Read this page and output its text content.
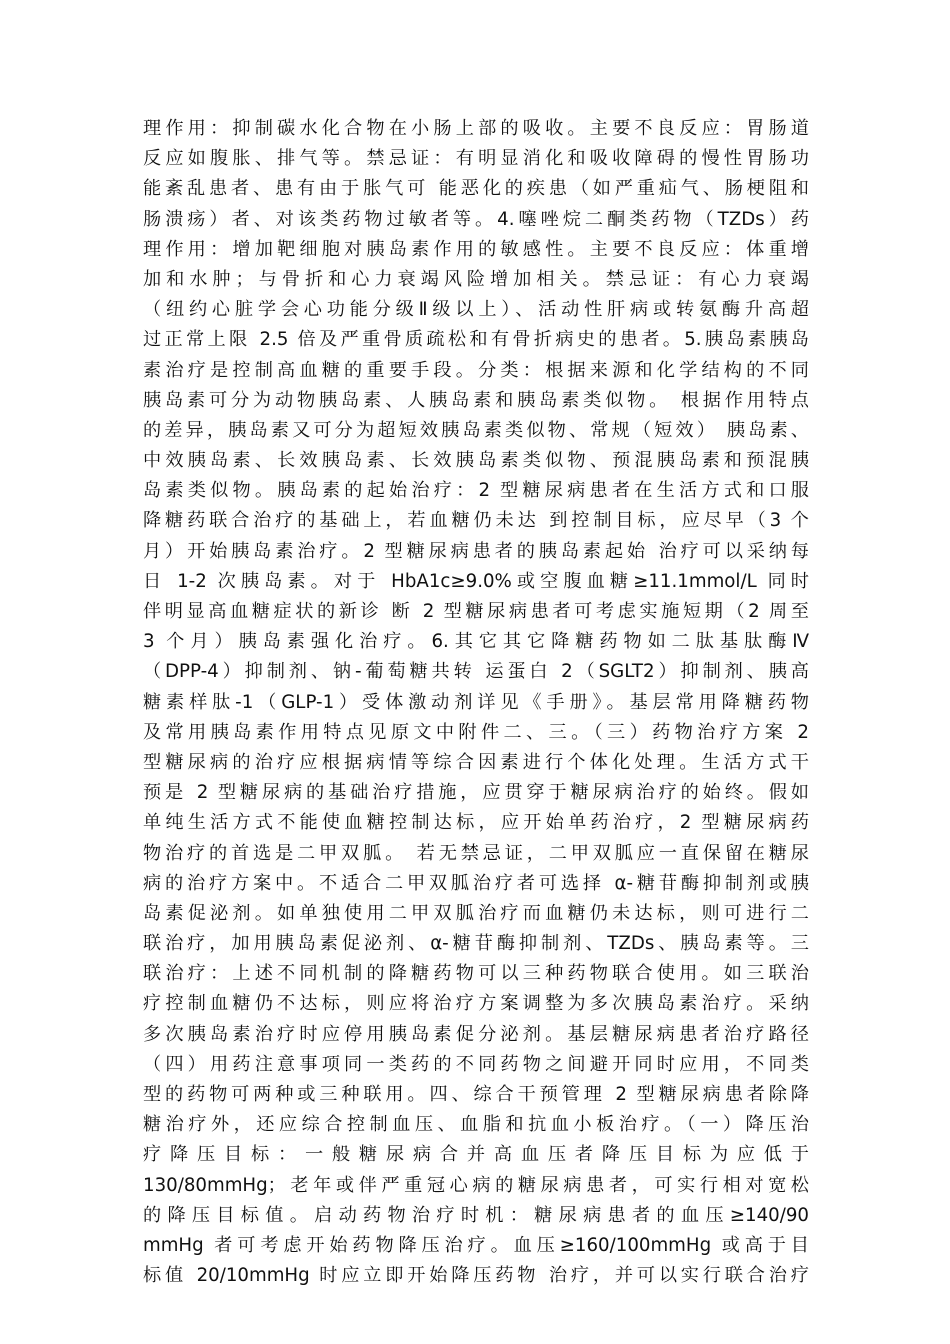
理作用：抑制碳水化合物在小肠上部的吸收。主要不良反应：胃肠道
反应如腹胀、排气等。禁忌证：有明显消化和吸收障碍的慢性胃肠功
能紊乱患者、患有由于胀气可 能恶化的疾患（如严重疝气、肠梗阻和
肠溃疡）者、对该类药物过敏者等。4.噻唑烷二酮类药物（TZDs）药
理作用：增加靶细胞对胰岛素作用的敏感性。主要不良反应：体重增
加和水肿；与骨折和心力衰竭风险增加相关。禁忌证：有心力衰竭
（纽约心脏学会心功能分级Ⅱ级以上）、活动性肝病或转氨酶升高超
过正常上限 2.5 倍及严重骨质疏松和有骨折病史的患者。5.胰岛素胰岛
素治疗是控制高血糖的重要手段。分类：根据来源和化学结构的不同
胰岛素可分为动物胰岛素、人胰岛素和胰岛素类似物。 根据作用特点
的差异，胰岛素又可分为超短效胰岛素类似物、常规（短效） 胰岛素、
中效胰岛素、长效胰岛素、长效胰岛素类似物、预混胰岛素和预混胰
岛素类似物。胰岛素的起始治疗：2 型糖尿病患者在生活方式和口服
降糖药联合治疗的基础上，若血糖仍未达 到控制目标，应尽早（3 个
月）开始胰岛素治疗。2 型糖尿病患者的胰岛素起始 治疗可以采纳每
日 1-2 次胰岛素。对于 HbA1c≥9.0%或空腹血糖≥11.1mmol/L 同时
伴明显高血糖症状的新诊 断 2 型糖尿病患者可考虑实施短期（2 周至
3 个月）胰岛素强化治疗。6.其它其它降糖药物如二肽基肽酶Ⅳ
（DPP-4）抑制剂、钠-葡萄糖共转 运蛋白 2（SGLT2）抑制剂、胰高
糖素样肽-1（GLP-1）受体激动剂详见《手册》。基层常用降糖药物
及常用胰岛素作用特点见原文中附件二、三。（三）药物治疗方案 2
型糖尿病的治疗应根据病情等综合因素进行个体化处理。生活方式干
预是 2 型糖尿病的基础治疗措施，应贯穿于糖尿病治疗的始终。假如
单纯生活方式不能使血糖控制达标，应开始单药治疗，2 型糖尿病药
物治疗的首选是二甲双胍。 若无禁忌证，二甲双胍应一直保留在糖尿
病的治疗方案中。不适合二甲双胍治疗者可选择 α-糖苷酶抑制剂或胰
岛素促泌剂。如单独使用二甲双胍治疗而血糖仍未达标，则可进行二
联治疗，加用胰岛素促泌剂、α-糖苷酶抑制剂、TZDs、胰岛素等。三
联治疗：上述不同机制的降糖药物可以三种药物联合使用。如三联治
疗控制血糖仍不达标，则应将治疗方案调整为多次胰岛素治疗。采纳
多次胰岛素治疗时应停用胰岛素促分泌剂。基层糖尿病患者治疗路径
（四）用药注意事项同一类药的不同药物之间避开同时应用，不同类
型的药物可两种或三种联用。四、综合干预管理 2 型糖尿病患者除降
糖治疗外，还应综合控制血压、血脂和抗血小板治疗。（一）降压治
疗降压目标：一般糖尿病合并高血压者降压目标为应低于
130/80mmHg；老年或伴严重冠心病的糖尿病患者，可实行相对宽松
的降压目标值。启动药物治疗时机：糖尿病患者的血压≥140/90
mmHg 者可考虑开始药物降压治疗。血压≥160/100mmHg 或高于目
标值 20/10mmHg 时应立即开始降压药物 治疗，并可以实行联合治疗
